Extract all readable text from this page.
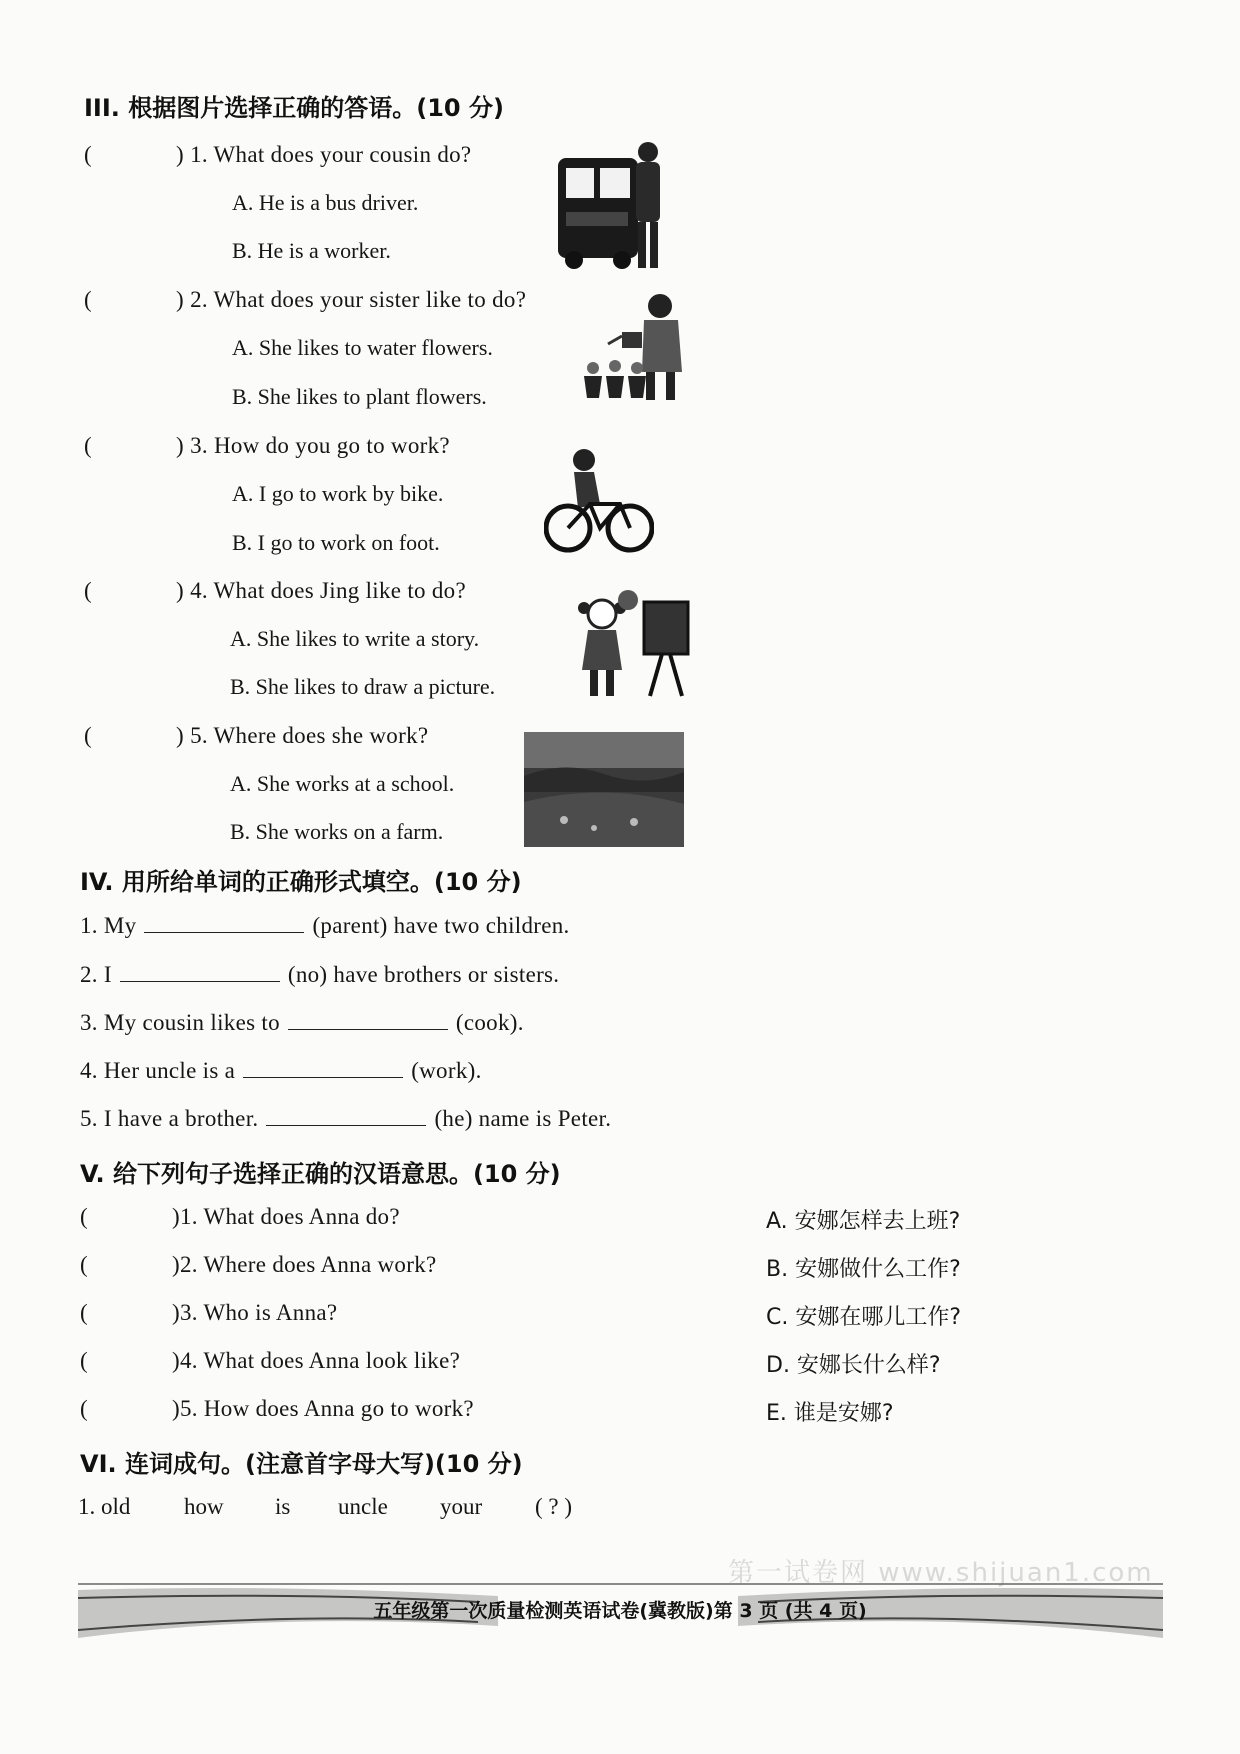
III. 根据图片选择正确的答语。(10 分)
(	) 1. What does your cousin do?
A. He is a bus driver.
B. He is a worker.
(	) 2. What does your sister like to do?
A. She likes to water flowers.
B. She likes to plant flowers.
(	) 3. How do you go to work?
A. I go to work by bike.
B. I go to work on foot.
(	) 4. What does Jing like to do?
A. She likes to write a story.
B. She likes to draw a picture.
(	) 5. Where does she work?
A. She works at a school.
B. She works on a farm.
IV. 用所给单词的正确形式填空。(10 分)
1. My	(parent) have two children.
2. I	(no) have brothers or sisters.
3. My cousin likes to	(cook).
4. Her uncle is a	(work).
5. I have a brother.	(he) name is Peter.
V. 给下列句子选择正确的汉语意思。(10 分)
(	) 1. What does Anna do?
(	) 2. Where does Anna work?
(	) 3. Who is Anna?
(	) 4. What does Anna look like?
(	) 5. How does Anna go to work?
A. 安娜怎样去上班?
B. 安娜做什么工作?
C. 安娜在哪儿工作?
D. 安娜长什么样?
E. 谁是安娜?
VI. 连词成句。(注意首字母大写)(10 分)
1. old how is uncle your ( ? )
第一试卷网 www.shijuan1.com
五年级第一次质量检测英语试卷(冀教版)第 3 页 (共 4 页)
